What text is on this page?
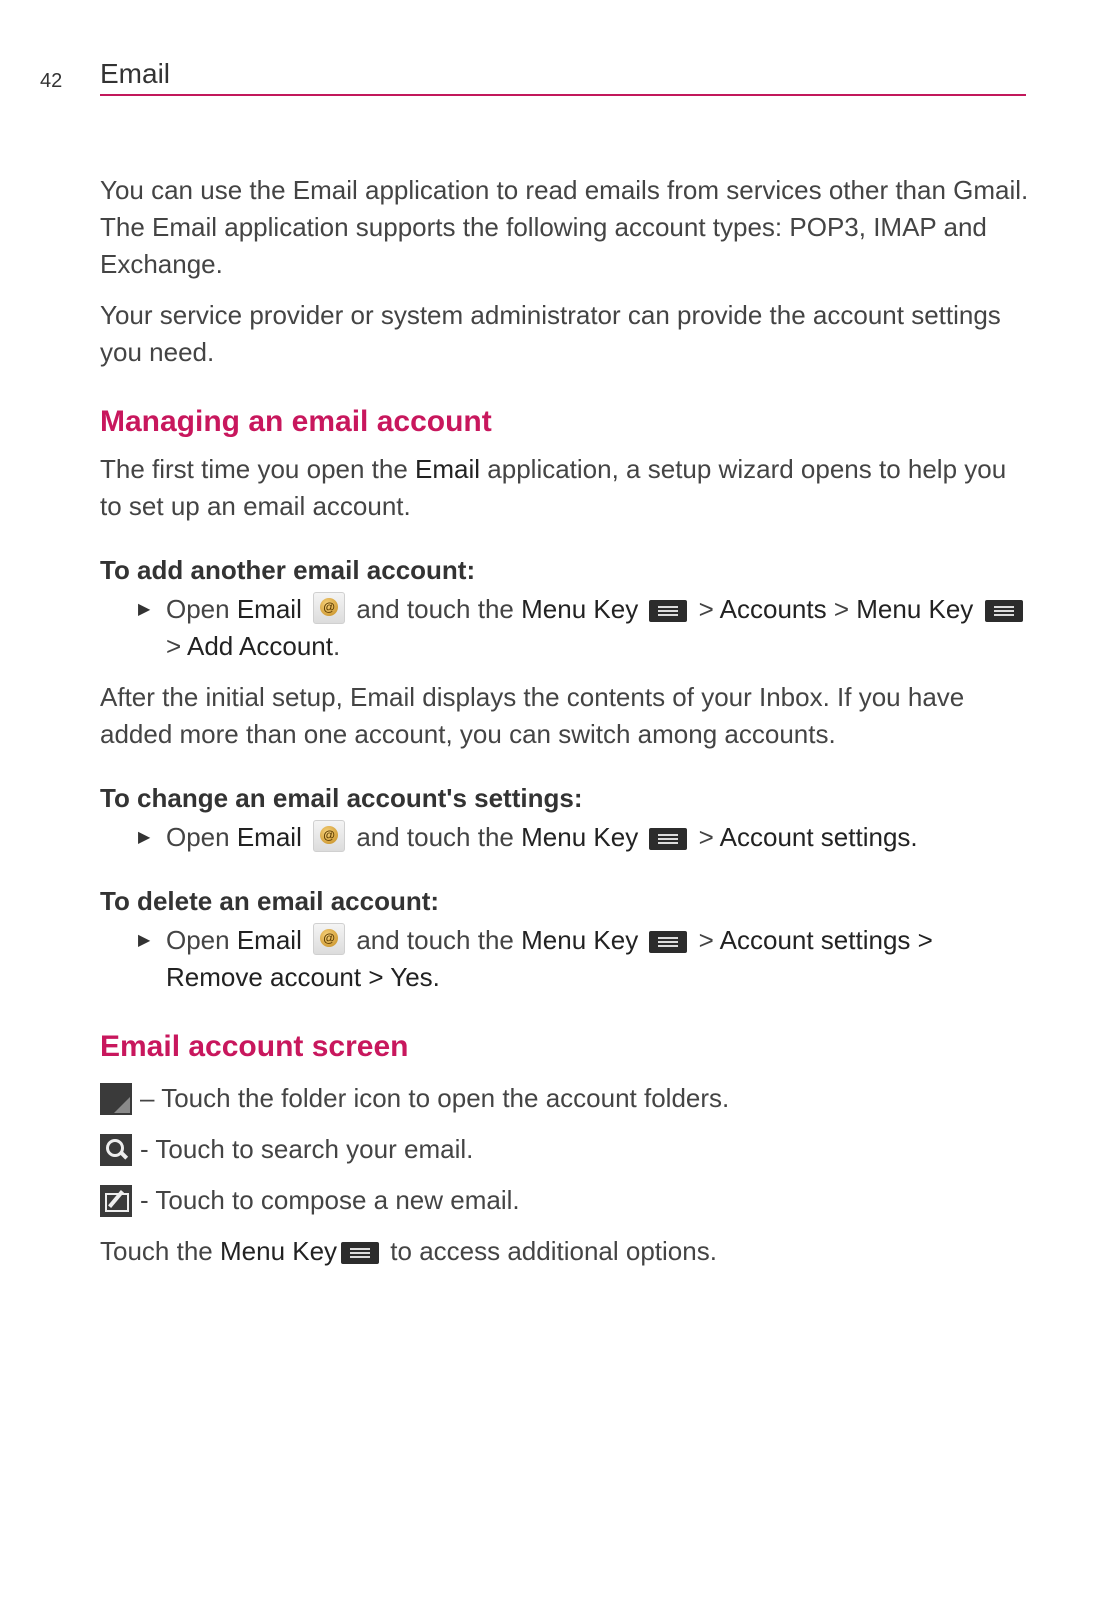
42 Email

You can use the Email application to read emails from services other than Gmail. The Email application supports the following account types: POP3, IMAP and Exchange.

Your service provider or system administrator can provide the account settings you need.

Managing an email account

The first time you open the Email application, a setup wizard opens to help you to set up an email account.

To add another email account:
▶ Open Email @ and touch the Menu Key
> Accounts > Menu Key
> Add Account.

After the initial setup, Email displays the contents of your Inbox. If you have added more than one account, you can switch among accounts.

To change an email account's settings:
▶ Open Email @ and touch the Menu Key
> Account settings.
To delete an email account:
▶ Open Email @ and touch the Menu Key
> Account settings > Remove account > Yes.
Email account screen
– Touch the folder icon to open the account folders.
- Touch to search your email.
- Touch to compose a new email.

Touch the Menu Key
to access additional options.
